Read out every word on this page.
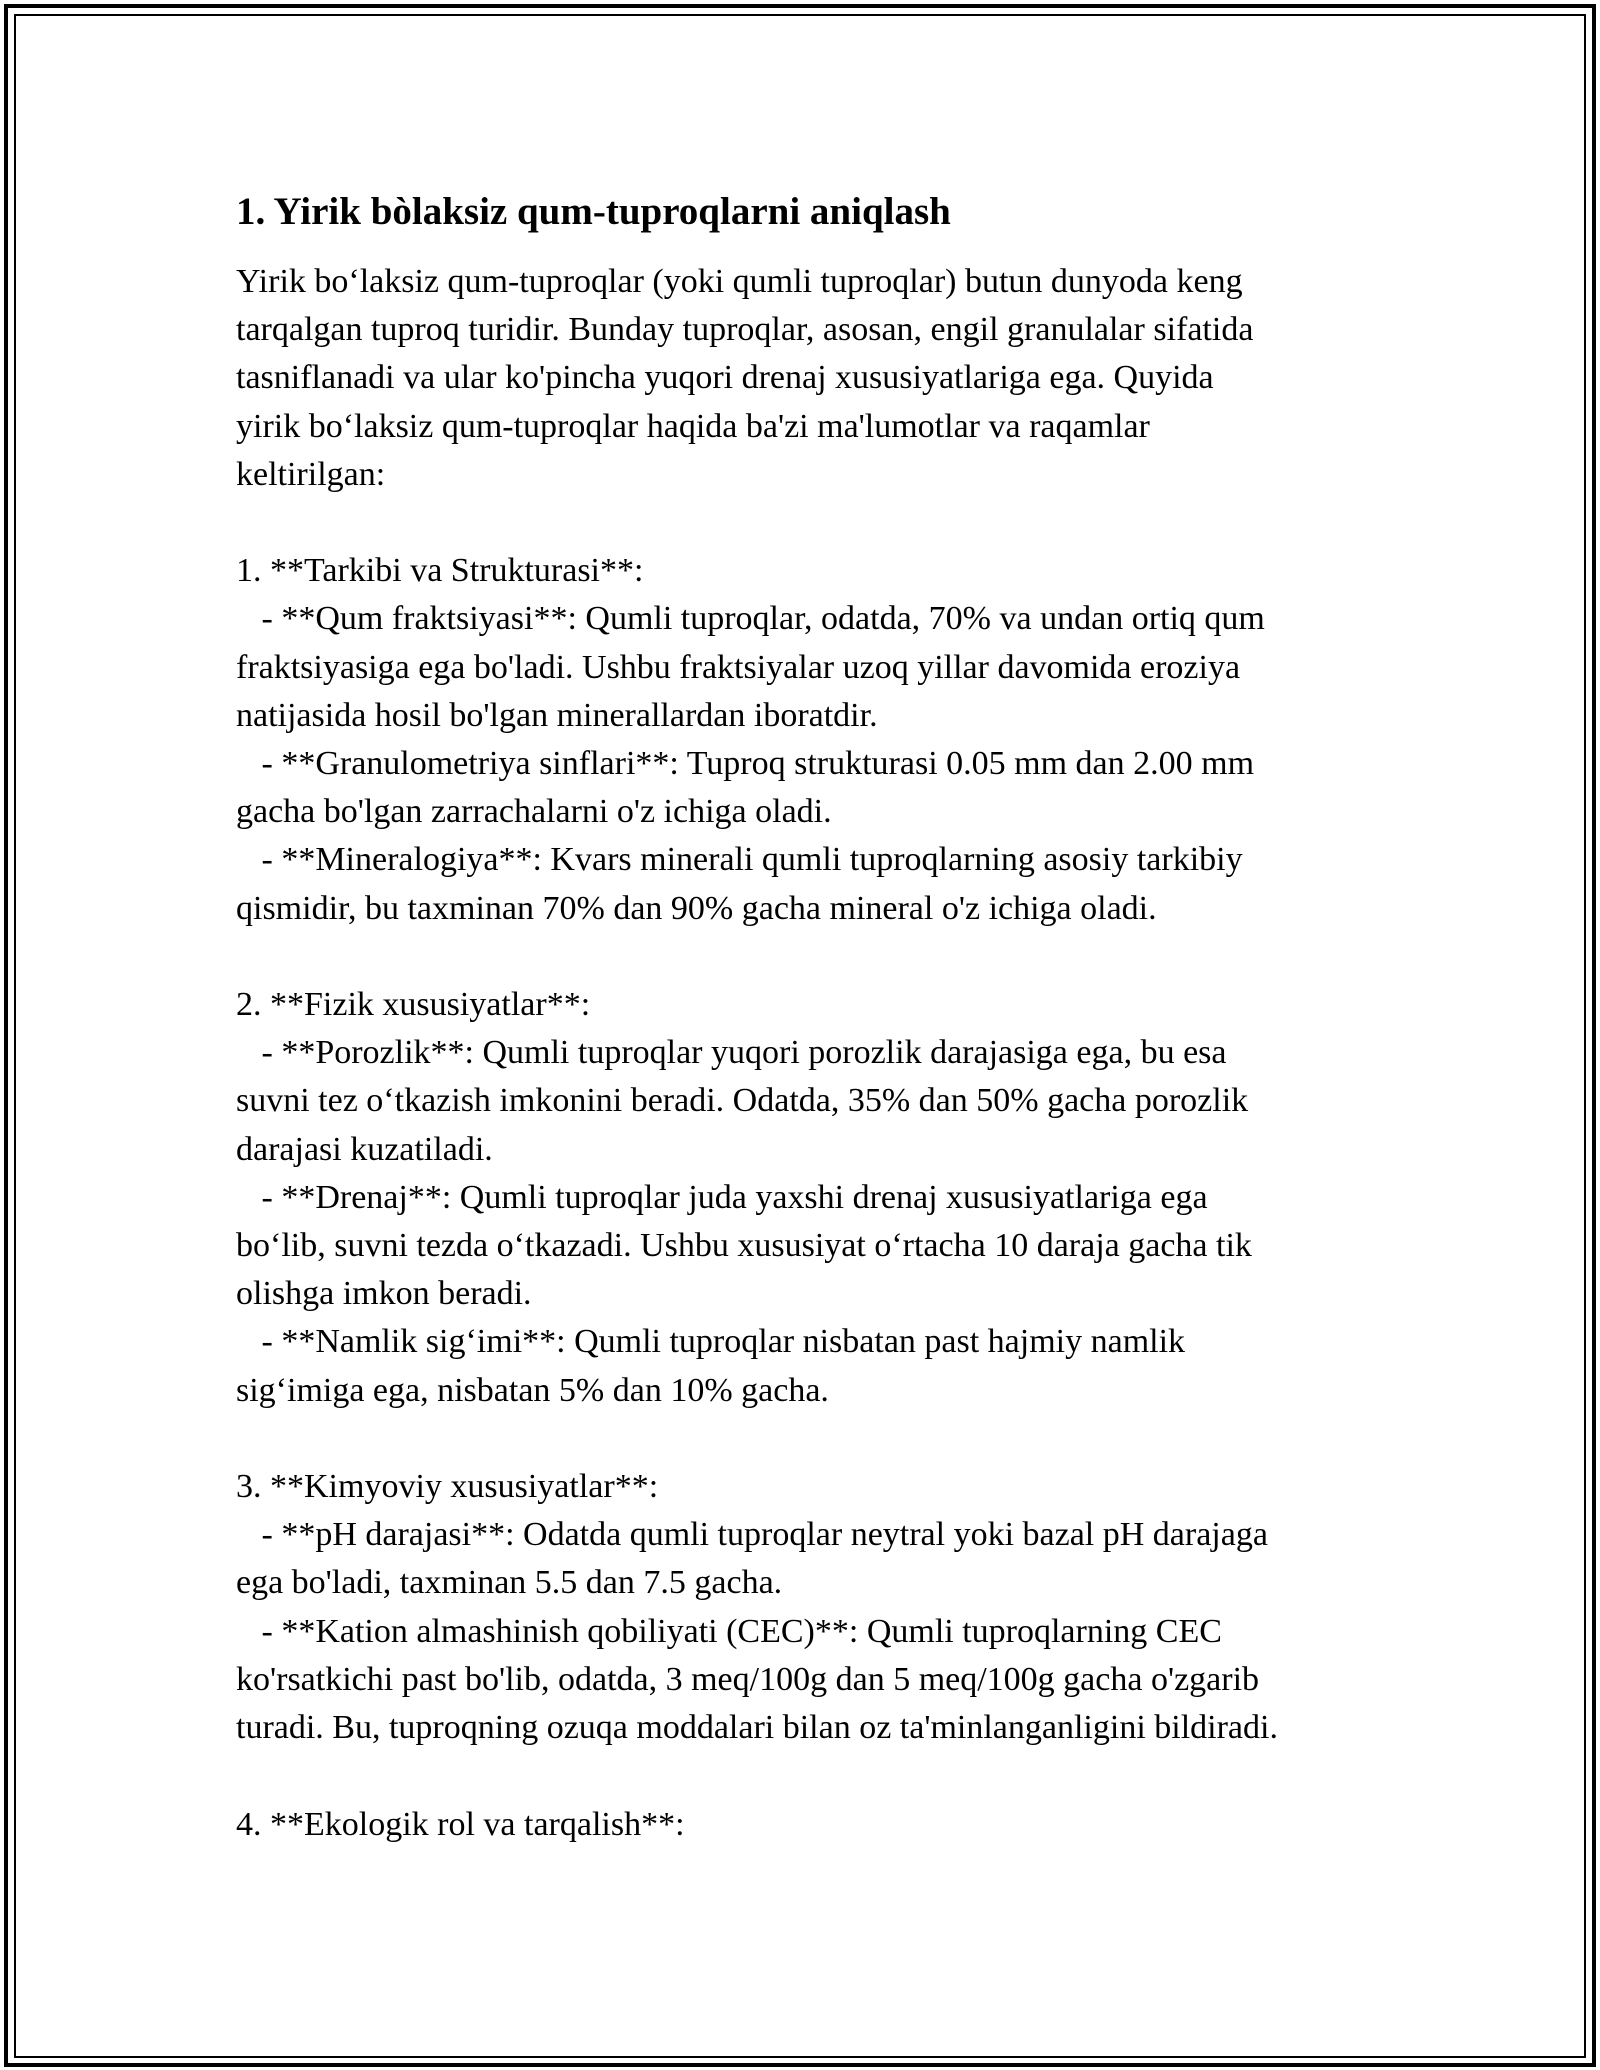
1. Yirik bòlaksiz qum-tuproqlarni aniqlash

Yirik bo‘laksiz qum-tuproqlar (yoki qumli tuproqlar) butun dunyoda keng
tarqalgan tuproq turidir. Bunday tuproqlar, asosan, engil granulalar sifatida
tasniflanadi va ular ko'pincha yuqori drenaj xususiyatlariga ega. Quyida
yirik bo‘laksiz qum-tuproqlar haqida ba'zi ma'lumotlar va raqamlar
keltirilgan:

1. **Tarkibi va Strukturasi**:
- **Qum fraktsiyasi**: Qumli tuproqlar, odatda, 70% va undan ortiq qum
fraktsiyasiga ega bo'ladi. Ushbu fraktsiyalar uzoq yillar davomida eroziya
natijasida hosil bo'lgan minerallardan iboratdir.
- **Granulometriya sinflari**: Tuproq strukturasi 0.05 mm dan 2.00 mm
gacha bo'lgan zarrachalarni o'z ichiga oladi.
- **Mineralogiya**: Kvars minerali qumli tuproqlarning asosiy tarkibiy
qismidir, bu taxminan 70% dan 90% gacha mineral o'z ichiga oladi.

2. **Fizik xususiyatlar**:
- **Porozlik**: Qumli tuproqlar yuqori porozlik darajasiga ega, bu esa
suvni tez o‘tkazish imkonini beradi. Odatda, 35% dan 50% gacha porozlik
darajasi kuzatiladi.
- **Drenaj**: Qumli tuproqlar juda yaxshi drenaj xususiyatlariga ega
bo‘lib, suvni tezda o‘tkazadi. Ushbu xususiyat o‘rtacha 10 daraja gacha tik
olishga imkon beradi.
- **Namlik sig‘imi**: Qumli tuproqlar nisbatan past hajmiy namlik
sig‘imiga ega, nisbatan 5% dan 10% gacha.

3. **Kimyoviy xususiyatlar**:
- **pH darajasi**: Odatda qumli tuproqlar neytral yoki bazal pH darajaga
ega bo'ladi, taxminan 5.5 dan 7.5 gacha.
- **Kation almashinish qobiliyati (CEC)**: Qumli tuproqlarning CEC
ko'rsatkichi past bo'lib, odatda, 3 meq/100g dan 5 meq/100g gacha o'zgarib
turadi. Bu, tuproqning ozuqa moddalari bilan oz ta'minlanganligini bildiradi.

4. **Ekologik rol va tarqalish**:
